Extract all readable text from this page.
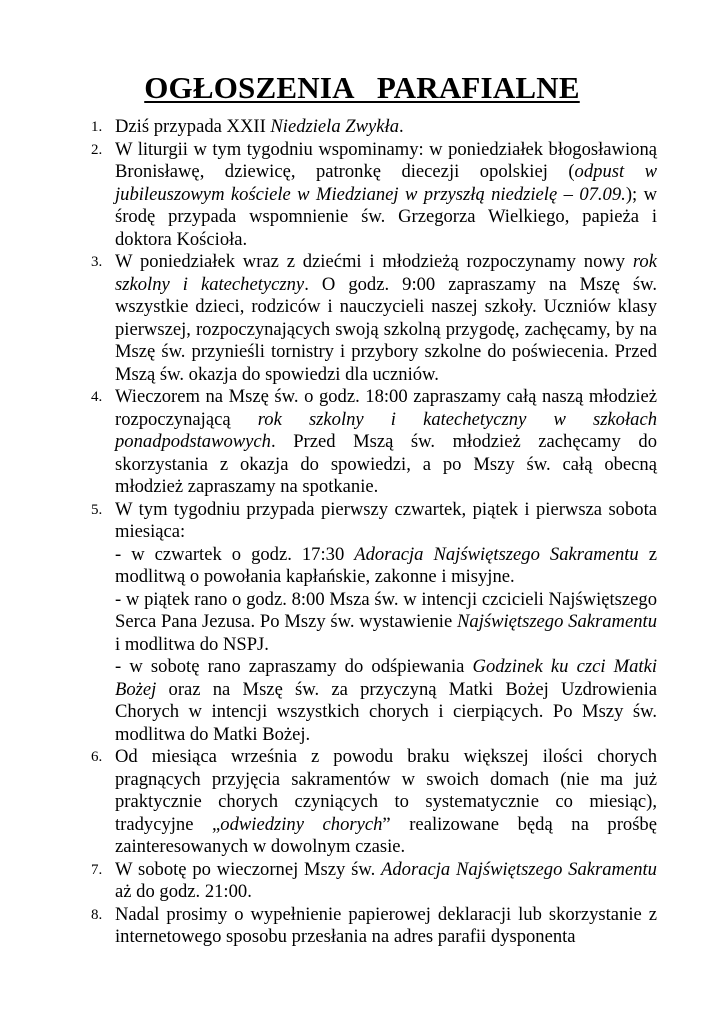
OGŁOSZENIA   PARAFIALNE
1. Dziś przypada XXII Niedziela Zwykła.
2. W liturgii w tym tygodniu wspominamy: w poniedziałek błogosławioną Bronisławę, dziewicę, patronkę diecezji opolskiej (odpust w jubileuszowym kościele w Miedzianej w przyszłą niedzielę – 07.09.); w środę przypada wspomnienie św. Grzegorza Wielkiego, papieża i doktora Kościoła.
3. W poniedziałek wraz z dziećmi i młodzieżą rozpoczynamy nowy rok szkolny i katechetyczny. O godz. 9:00 zapraszamy na Mszę św. wszystkie dzieci, rodziców i nauczycieli naszej szkoły. Uczniów klasy pierwszej, rozpoczynających swoją szkolną przygodę, zachęcamy, by na Mszę św. przynieśli tornistry i przybory szkolne do poświecenia. Przed Mszą św. okazja do spowiedzi dla uczniów.
4. Wieczorem na Mszę św. o godz. 18:00 zapraszamy całą naszą młodzież rozpoczynającą rok szkolny i katechetyczny w szkołach ponadpodstawowych. Przed Mszą św. młodzież zachęcamy do skorzystania z okazja do spowiedzi, a po Mszy św. całą obecną młodzież zapraszamy na spotkanie.
5. W tym tygodniu przypada pierwszy czwartek, piątek i pierwsza sobota miesiąca:
- w czwartek o godz. 17:30 Adoracja Najświętszego Sakramentu z modlitwą o powołania kapłańskie, zakonne i misyjne.
- w piątek rano o godz. 8:00 Msza św. w intencji czcicieli Najświętszego Serca Pana Jezusa. Po Mszy św. wystawienie Najświętszego Sakramentu i modlitwa do NSPJ.
- w sobotę rano zapraszamy do odśpiewania Godzinek ku czci Matki Bożej oraz na Mszę św. za przyczyną Matki Bożej Uzdrowienia Chorych w intencji wszystkich chorych i cierpiących. Po Mszy św. modlitwa do Matki Bożej.
6. Od miesiąca września z powodu braku większej ilości chorych pragnących przyjęcia sakramentów w swoich domach (nie ma już praktycznie chorych czyniących to systematycznie co miesiąc), tradycyjne „odwiedziny chorych” realizowane będą na prośbę zainteresowanych w dowolnym czasie.
7. W sobotę po wieczornej Mszy św. Adoracja Najświętszego Sakramentu aż do godz. 21:00.
8. Nadal prosimy o wypełnienie papierowej deklaracji lub skorzystanie z internetowego sposobu przesłania na adres parafii dysponenta
